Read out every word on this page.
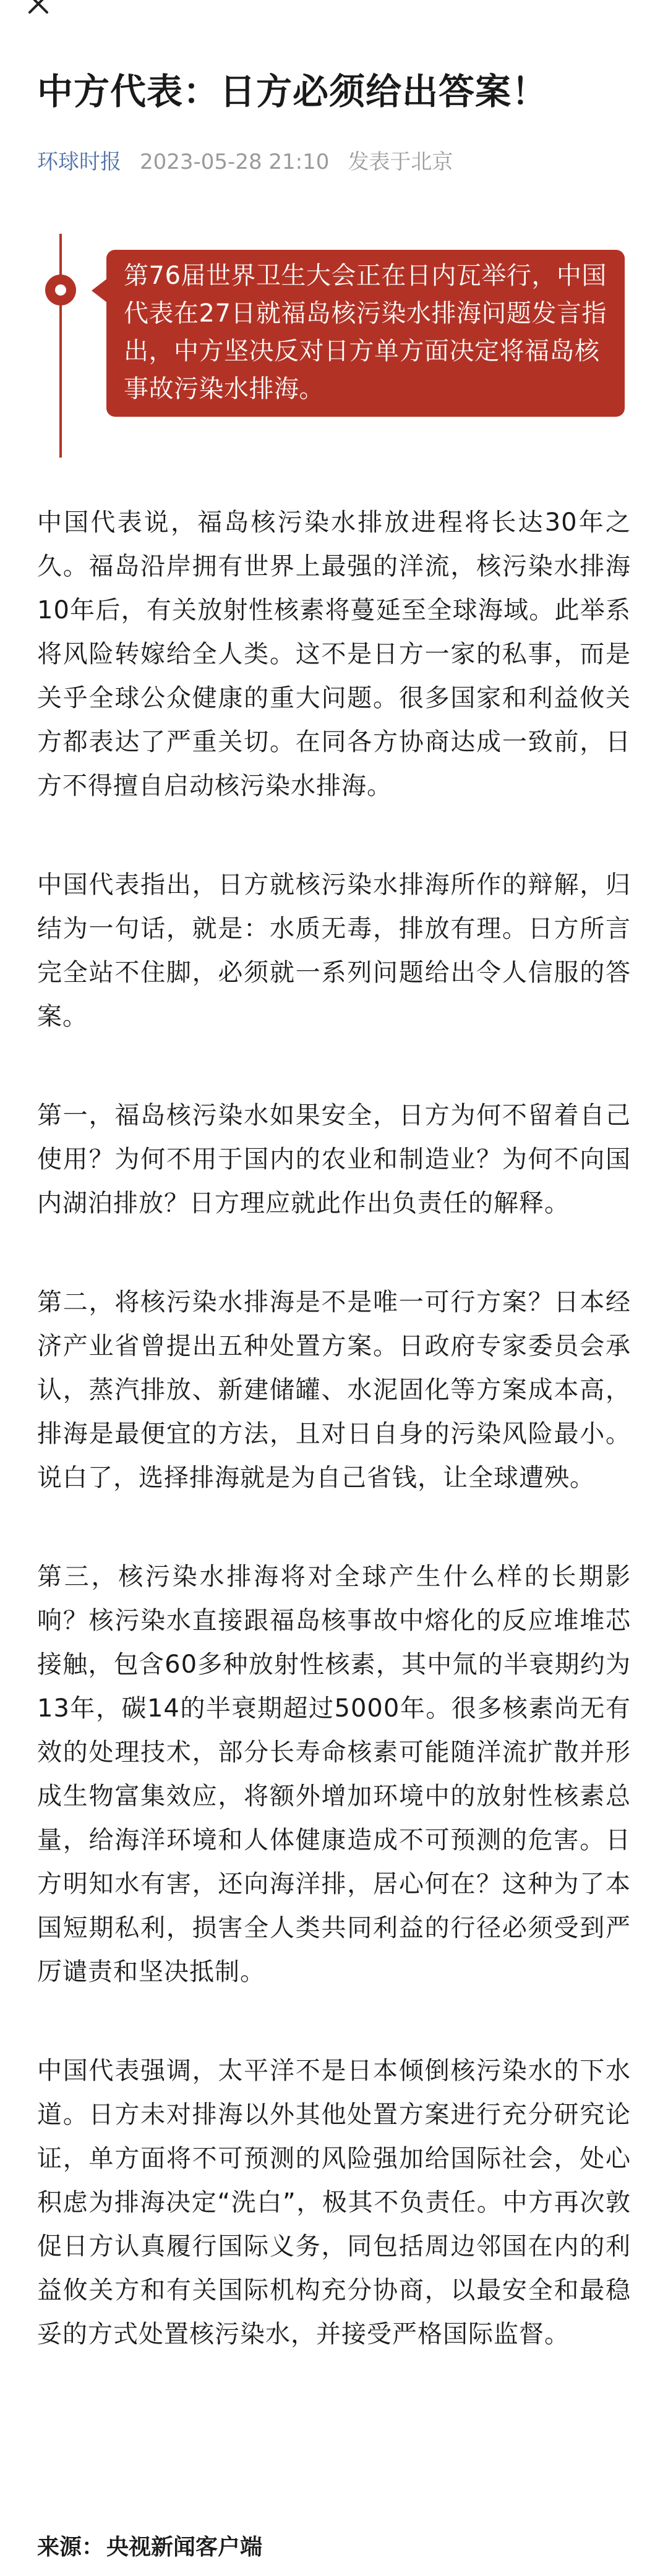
中方代表：日方必须给出答案！
环球时报 2023-05-28 21:10 发表于北京
第76届世界卫生大会正在日内瓦举行，中国代表在27日就福岛核污染水排海问题发言指出，中方坚决反对日方单方面决定将福岛核事故污染水排海。

中国代表说，福岛核污染水排放进程将长达30年之久。福岛沿岸拥有世界上最强的洋流，核污染水排海10年后，有关放射性核素将蔓延至全球海域。此举系将风险转嫁给全人类。这不是日方一家的私事，而是关乎全球公众健康的重大问题。很多国家和利益攸关方都表达了严重关切。在同各方协商达成一致前，日方不得擅自启动核污染水排海。

中国代表指出，日方就核污染水排海所作的辩解，归结为一句话，就是：水质无毒，排放有理。日方所言完全站不住脚，必须就一系列问题给出令人信服的答案。

第一，福岛核污染水如果安全，日方为何不留着自己使用？为何不用于国内的农业和制造业？为何不向国内湖泊排放？日方理应就此作出负责任的解释。

第二，将核污染水排海是不是唯一可行方案？日本经济产业省曾提出五种处置方案。日政府专家委员会承认，蒸汽排放、新建储罐、水泥固化等方案成本高，排海是最便宜的方法，且对日自身的污染风险最小。说白了，选择排海就是为自己省钱，让全球遭殃。

第三，核污染水排海将对全球产生什么样的长期影响？核污染水直接跟福岛核事故中熔化的反应堆堆芯接触，包含60多种放射性核素，其中氚的半衰期约为13年，碳14的半衰期超过5000年。很多核素尚无有效的处理技术，部分长寿命核素可能随洋流扩散并形成生物富集效应，将额外增加环境中的放射性核素总量，给海洋环境和人体健康造成不可预测的危害。日方明知水有害，还向海洋排，居心何在？这种为了本国短期私利，损害全人类共同利益的行径必须受到严厉谴责和坚决抵制。

中国代表强调，太平洋不是日本倾倒核污染水的下水道。日方未对排海以外其他处置方案进行充分研究论证，单方面将不可预测的风险强加给国际社会，处心积虑为排海决定“洗白”，极其不负责任。中方再次敦促日方认真履行国际义务，同包括周边邻国在内的利益攸关方和有关国际机构充分协商，以最安全和最稳妥的方式处置核污染水，并接受严格国际监督。

来源： 央视新闻客户端
